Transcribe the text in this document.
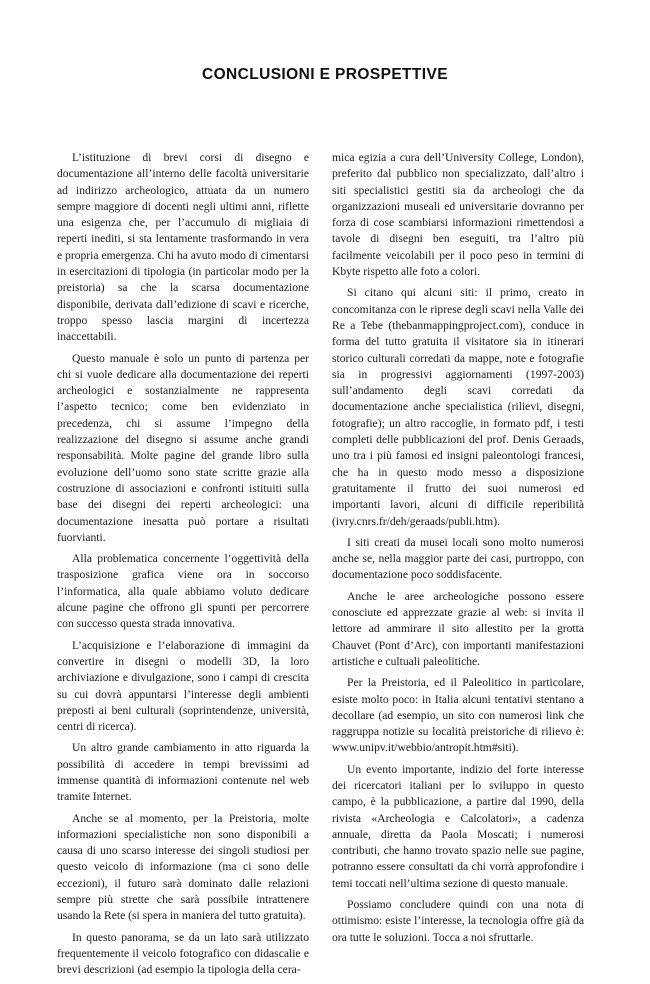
CONCLUSIONI E PROSPETTIVE

L’istituzione di brevi corsi di disegno e documentazione all’interno delle facoltà universitarie ad indirizzo archeologico, attuata da un numero sempre maggiore di docenti negli ultimi anni, riflette una esigenza che, per l’accumulo di migliaia di reperti inediti, si sta lentamente trasformando in vera e propria emergenza. Chi ha avuto modo di cimentarsi in esercitazioni di tipologia (in particolar modo per la preistoria) sa che la scarsa documentazione disponibile, derivata dall’edizione di scavi e ricerche, troppo spesso lascia margini di incertezza inaccettabili.

Questo manuale è solo un punto di partenza per chi si vuole dedicare alla documentazione dei reperti archeologici e sostanzialmente ne rappresenta l’aspetto tecnico; come ben evidenziato in precedenza, chi si assume l’impegno della realizzazione del disegno si assume anche grandi responsabilità. Molte pagine del grande libro sulla evoluzione dell’uomo sono state scritte grazie alla costruzione di associazioni e confronti istituiti sulla base dei disegni dei reperti archeologici: una documentazione inesatta può portare a risultati fuorvianti.

Alla problematica concernente l’oggettività della trasposizione grafica viene ora in soccorso l’informatica, alla quale abbiamo voluto dedicare alcune pagine che offrono gli spunti per percorrere con successo questa strada innovativa.

L’acquisizione e l’elaborazione di immagini da convertire in disegni o modelli 3D, la loro archiviazione e divulgazione, sono i campi di crescita su cui dovrà appuntarsi l’interesse degli ambienti preposti ai beni culturali (soprintendenze, università, centri di ricerca).

Un altro grande cambiamento in atto riguarda la possibilità di accedere in tempi brevissimi ad immense quantità di informazioni contenute nel web tramite Internet.

Anche se al momento, per la Preistoria, molte informazioni specialistiche non sono disponibili a causa di uno scarso interesse dei singoli studiosi per questo veicolo di informazione (ma ci sono delle eccezioni), il futuro sarà dominato dalle relazioni sempre più strette che sarà possibile intrattenere usando la Rete (si spera in maniera del tutto gratuita).

In questo panorama, se da un lato sarà utilizzato frequentemente il veicolo fotografico con didascalie e brevi descrizioni (ad esempio la tipologia della cera-

mica egizia a cura dell’University College, London), preferito dal pubblico non specializzato, dall’altro i siti specialistici gestiti sia da archeologi che da organizzazioni museali ed universitarie dovranno per forza di cose scambiarsi informazioni rimettendosi a tavole di disegni ben eseguiti, tra l’altro più facilmente veicolabili per il poco peso in termini di Kbyte rispetto alle foto a colori.

Si citano qui alcuni siti: il primo, creato in concomitanza con le riprese degli scavi nella Valle dei Re a Tebe (thebanmappingproject.com), conduce in forma del tutto gratuita il visitatore sia in itinerari storico culturali corredati da mappe, note e fotografie sia in progressivi aggiornamenti (1997-2003) sull’andamento degli scavi corredati da documentazione anche specialistica (rilievi, disegni, fotografie); un altro raccoglie, in formato pdf, i testi completi delle pubblicazioni del prof. Denis Geraads, uno tra i più famosi ed insigni paleontologi francesi, che ha in questo modo messo a disposizione gratuitamente il frutto dei suoi numerosi ed importanti lavori, alcuni di difficile reperibilità (ivry.cnrs.fr/deh/geraads/publi.htm).

I siti creati da musei locali sono molto numerosi anche se, nella maggior parte dei casi, purtroppo, con documentazione poco soddisfacente.

Anche le aree archeologiche possono essere conosciute ed apprezzate grazie al web: si invita il lettore ad ammirare il sito allestito per la grotta Chauvet (Pont d’Arc), con importanti manifestazioni artistiche e cultuali paleolitiche.

Per la Preistoria, ed il Paleolitico in particolare, esiste molto poco: in Italia alcuni tentativi stentano a decollare (ad esempio, un sito con numerosi link che raggruppa notizie su località preistoriche di rilievo è: www.unipv.it/webbio/antropit.htm#siti).

Un evento importante, indizio del forte interesse dei ricercatori italiani per lo sviluppo in questo campo, è la pubblicazione, a partire dal 1990, della rivista «Archeologia e Calcolatori», a cadenza annuale, diretta da Paola Moscati; i numerosi contributi, che hanno trovato spazio nelle sue pagine, potranno essere consultati da chi vorrà approfondire i temi toccati nell’ultima sezione di questo manuale.

Possiamo concludere quindi con una nota di ottimismo: esiste l’interesse, la tecnologia offre già da ora tutte le soluzioni. Tocca a noi sfruttarle.
